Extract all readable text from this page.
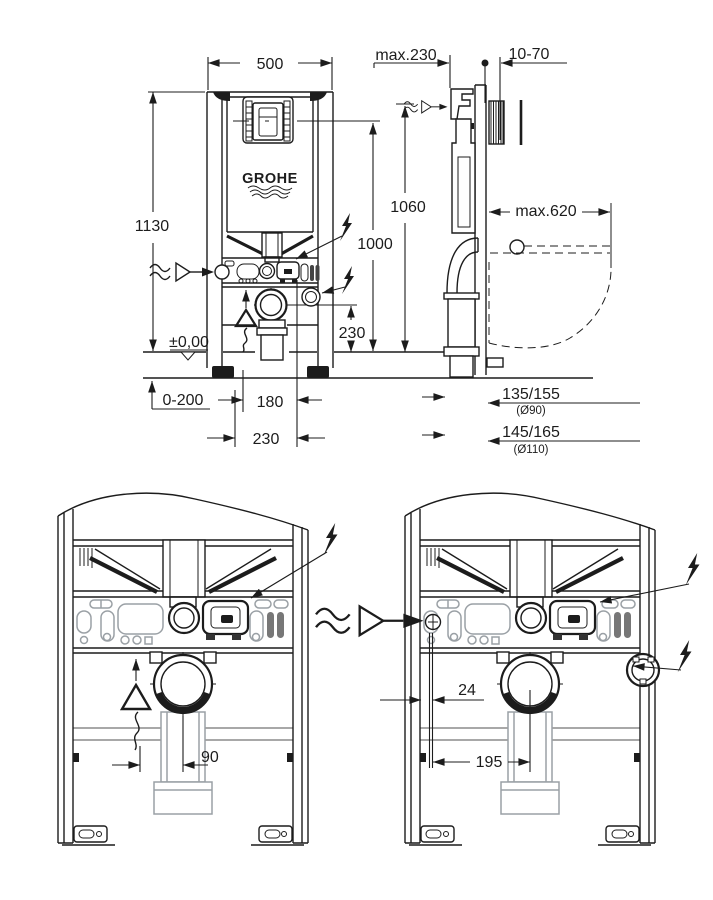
GROHE
500
1130
1000
1060
230
max.230	10-70
max.620
135/155
(Ø90)
145/165
(Ø110)
180
230
±0,00
0-200
90
24
195
